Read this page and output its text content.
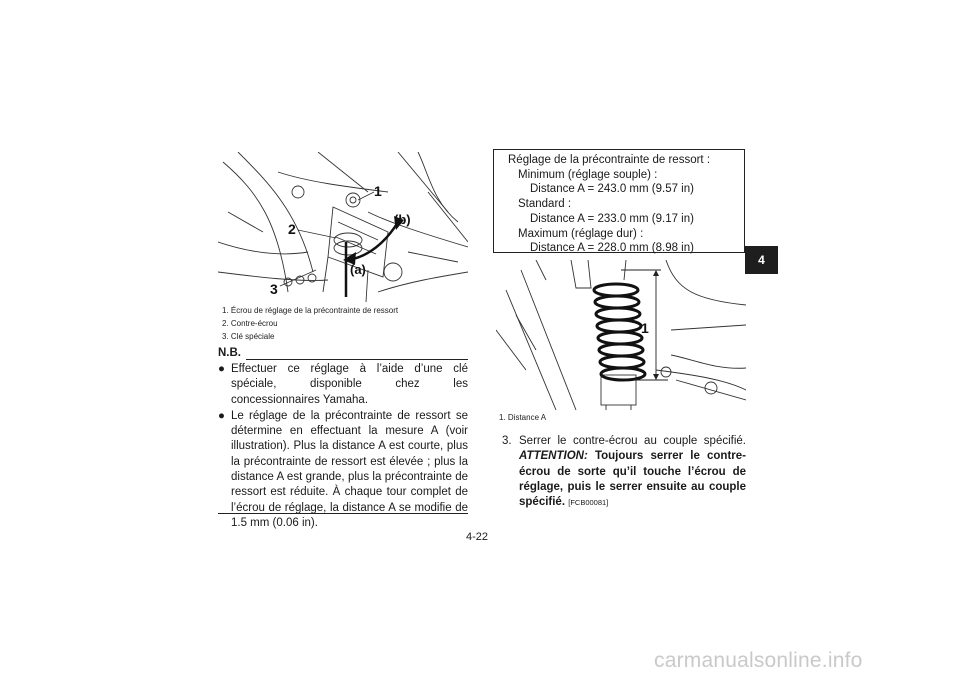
1
2
3
(a)
(b)
1. Écrou de réglage de la précontrainte de ressort
2. Contre-écrou
3. Clé spéciale
N.B.
● Effectuer ce réglage à l’aide d’une clé spéciale, disponible chez les concessionnaires Yamaha.
● Le réglage de la précontrainte de ressort se détermine en effectuant la mesure A (voir illustration). Plus la distance A est courte, plus la précontrainte de ressort est élevée ; plus la distance A est grande, plus la précontrainte de ressort est réduite. À chaque tour complet de l’écrou de réglage, la distance A se modifie de 1.5 mm (0.06 in).
Réglage de la précontrainte de ressort :
Minimum (réglage souple) :
Distance A = 243.0 mm (9.57 in)
Standard :
Distance A = 233.0 mm (9.17 in)
Maximum (réglage dur) :
Distance A = 228.0 mm (8.98 in)
1
1. Distance A
3. Serrer le contre-écrou au couple spécifié. ATTENTION: Toujours serrer le contre-écrou de sorte qu’il touche l’écrou de réglage, puis le serrer ensuite au couple spécifié. [FCB00081]
4
4-22
carmanualsonline.info
